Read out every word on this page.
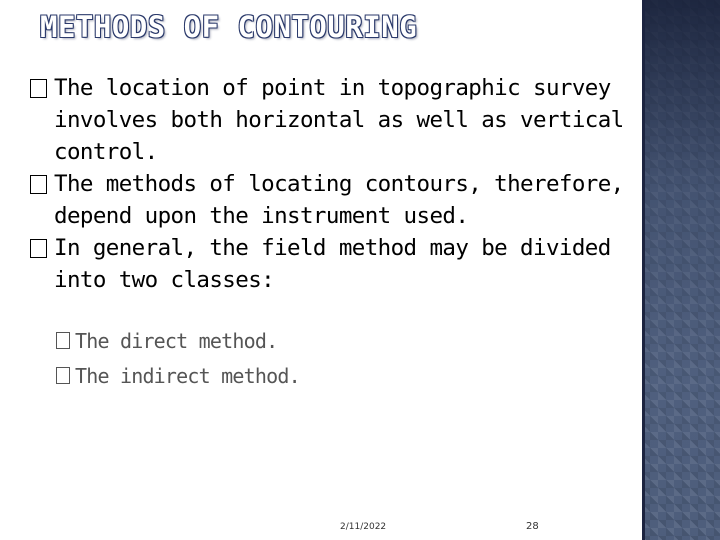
METHODS OF CONTOURING
The location of point in topographic survey involves both horizontal as well as vertical control.
The methods of locating contours, therefore, depend upon the instrument used.
In general, the field method may be divided into two classes:
The direct method.
The indirect method.
2/11/2022	28
